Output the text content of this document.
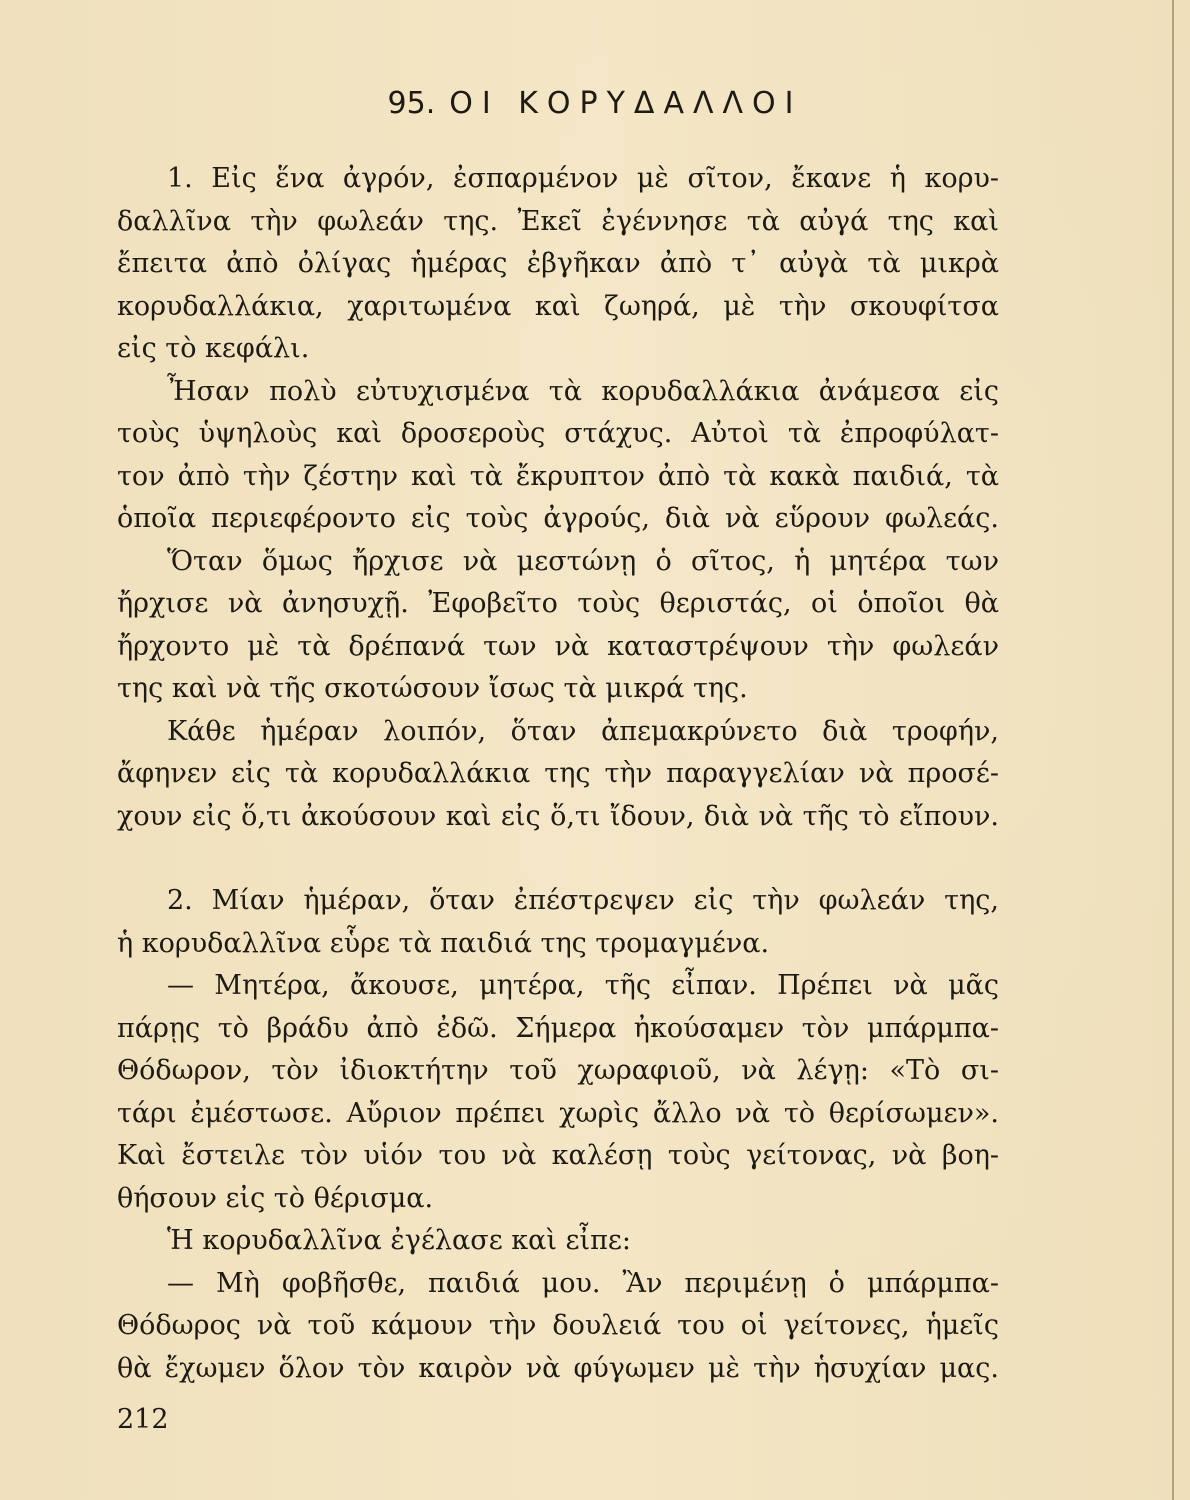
95. ΟΙ ΚΟΡΥΔΑΛΛΟΙ
1. Εἰς ἕνα ἀγρόν, ἐσπαρμένον μὲ σῖτον, ἔκανε ἡ κορυ-
δαλλῖνα τὴν φωλεάν της. Ἐκεῖ ἐγέννησε τὰ αὐγά της καὶ
ἔπειτα ἀπὸ ὀλίγας ἡμέρας ἐβγῆκαν ἀπὸ τ᾽ αὐγὰ τὰ μικρὰ
κορυδαλλάκια, χαριτωμένα καὶ ζωηρά, μὲ τὴν σκουφίτσα
εἰς τὸ κεφάλι.
Ἦσαν πολὺ εὐτυχισμένα τὰ κορυδαλλάκια ἀνάμεσα εἰς
τοὺς ὑψηλοὺς καὶ δροσεροὺς στάχυς. Αὐτοὶ τὰ ἐπροφύλατ-
τον ἀπὸ τὴν ζέστην καὶ τὰ ἔκρυπτον ἀπὸ τὰ κακὰ παιδιά, τὰ
ὁποῖα περιεφέροντο εἰς τοὺς ἀγρούς, διὰ νὰ εὕρουν φωλεάς.
Ὅταν ὅμως ἤρχισε νὰ μεστώνῃ ὁ σῖτος, ἡ μητέρα των
ἤρχισε νὰ ἀνησυχῇ. Ἐφοβεῖτο τοὺς θεριστάς, οἱ ὁποῖοι θὰ
ἤρχοντο μὲ τὰ δρέπανά των νὰ καταστρέψουν τὴν φωλεάν
της καὶ νὰ τῆς σκοτώσουν ἴσως τὰ μικρά της.
Κάθε ἡμέραν λοιπόν, ὅταν ἀπεμακρύνετο διὰ τροφήν,
ἄφηνεν εἰς τὰ κορυδαλλάκια της τὴν παραγγελίαν νὰ προσέ-
χουν εἰς ὅ,τι ἀκούσουν καὶ εἰς ὅ,τι ἴδουν, διὰ νὰ τῆς τὸ εἴπουν.
2. Μίαν ἡμέραν, ὅταν ἐπέστρεψεν εἰς τὴν φωλεάν της,
ἡ κορυδαλλῖνα εὗρε τὰ παιδιά της τρομαγμένα.
— Μητέρα, ἄκουσε, μητέρα, τῆς εἶπαν. Πρέπει νὰ μᾶς
πάρῃς τὸ βράδυ ἀπὸ ἐδῶ. Σήμερα ἠκούσαμεν τὸν μπάρμπα-
Θόδωρον, τὸν ἰδιοκτήτην τοῦ χωραφιοῦ, νὰ λέγῃ: «Τὸ σι-
τάρι ἐμέστωσε. Αὔριον πρέπει χωρὶς ἄλλο νὰ τὸ θερίσωμεν».
Καὶ ἔστειλε τὸν υἱόν του νὰ καλέσῃ τοὺς γείτονας, νὰ βοη-
θήσουν εἰς τὸ θέρισμα.
Ἡ κορυδαλλῖνα ἐγέλασε καὶ εἶπε:
— Μὴ φοβῆσθε, παιδιά μου. Ἂν περιμένῃ ὁ μπάρμπα-
Θόδωρος νὰ τοῦ κάμουν τὴν δουλειά του οἱ γείτονες, ἡμεῖς
θὰ ἔχωμεν ὅλον τὸν καιρὸν νὰ φύγωμεν μὲ τὴν ἡσυχίαν μας.

212
